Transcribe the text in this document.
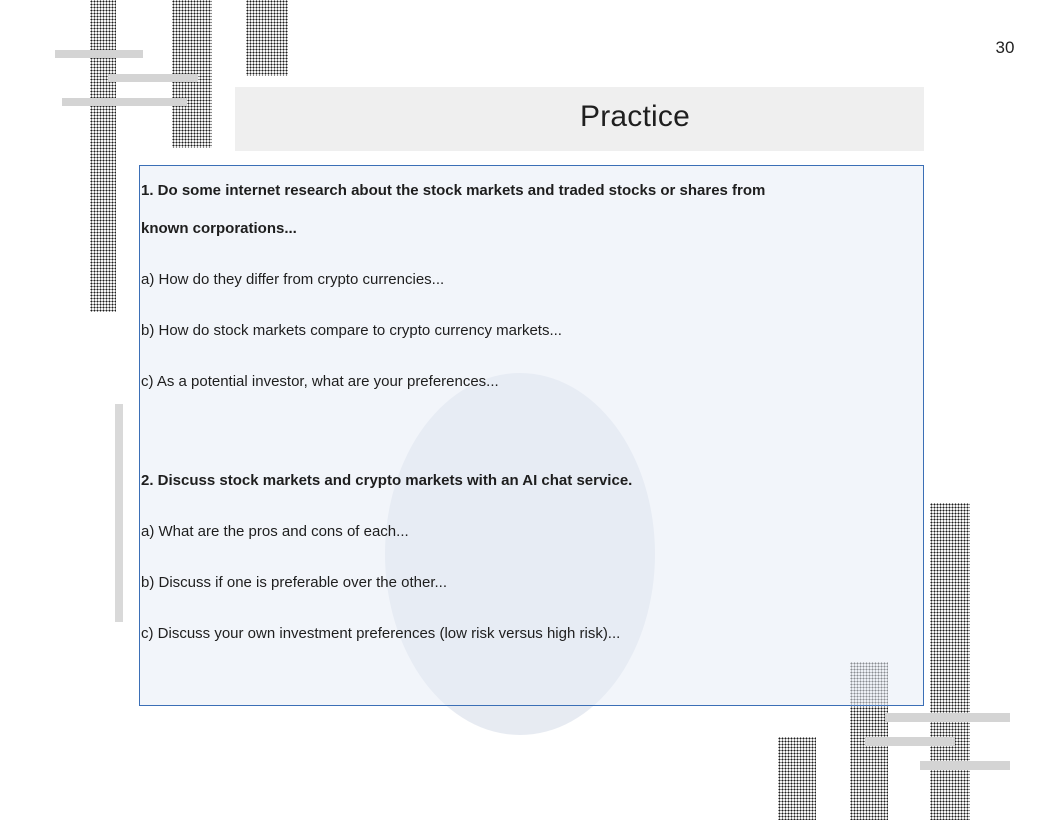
30
Practice
1. Do some internet research about the stock markets and traded stocks or shares from
known corporations...
a) How do they differ from crypto currencies...
b) How do stock markets compare to crypto currency markets...
c) As a potential investor, what are your preferences...
2. Discuss stock markets and crypto markets with an AI chat service.
a) What are the pros and cons of each...
b) Discuss if one is preferable over the other...
c) Discuss your own investment preferences (low risk versus high risk)...
